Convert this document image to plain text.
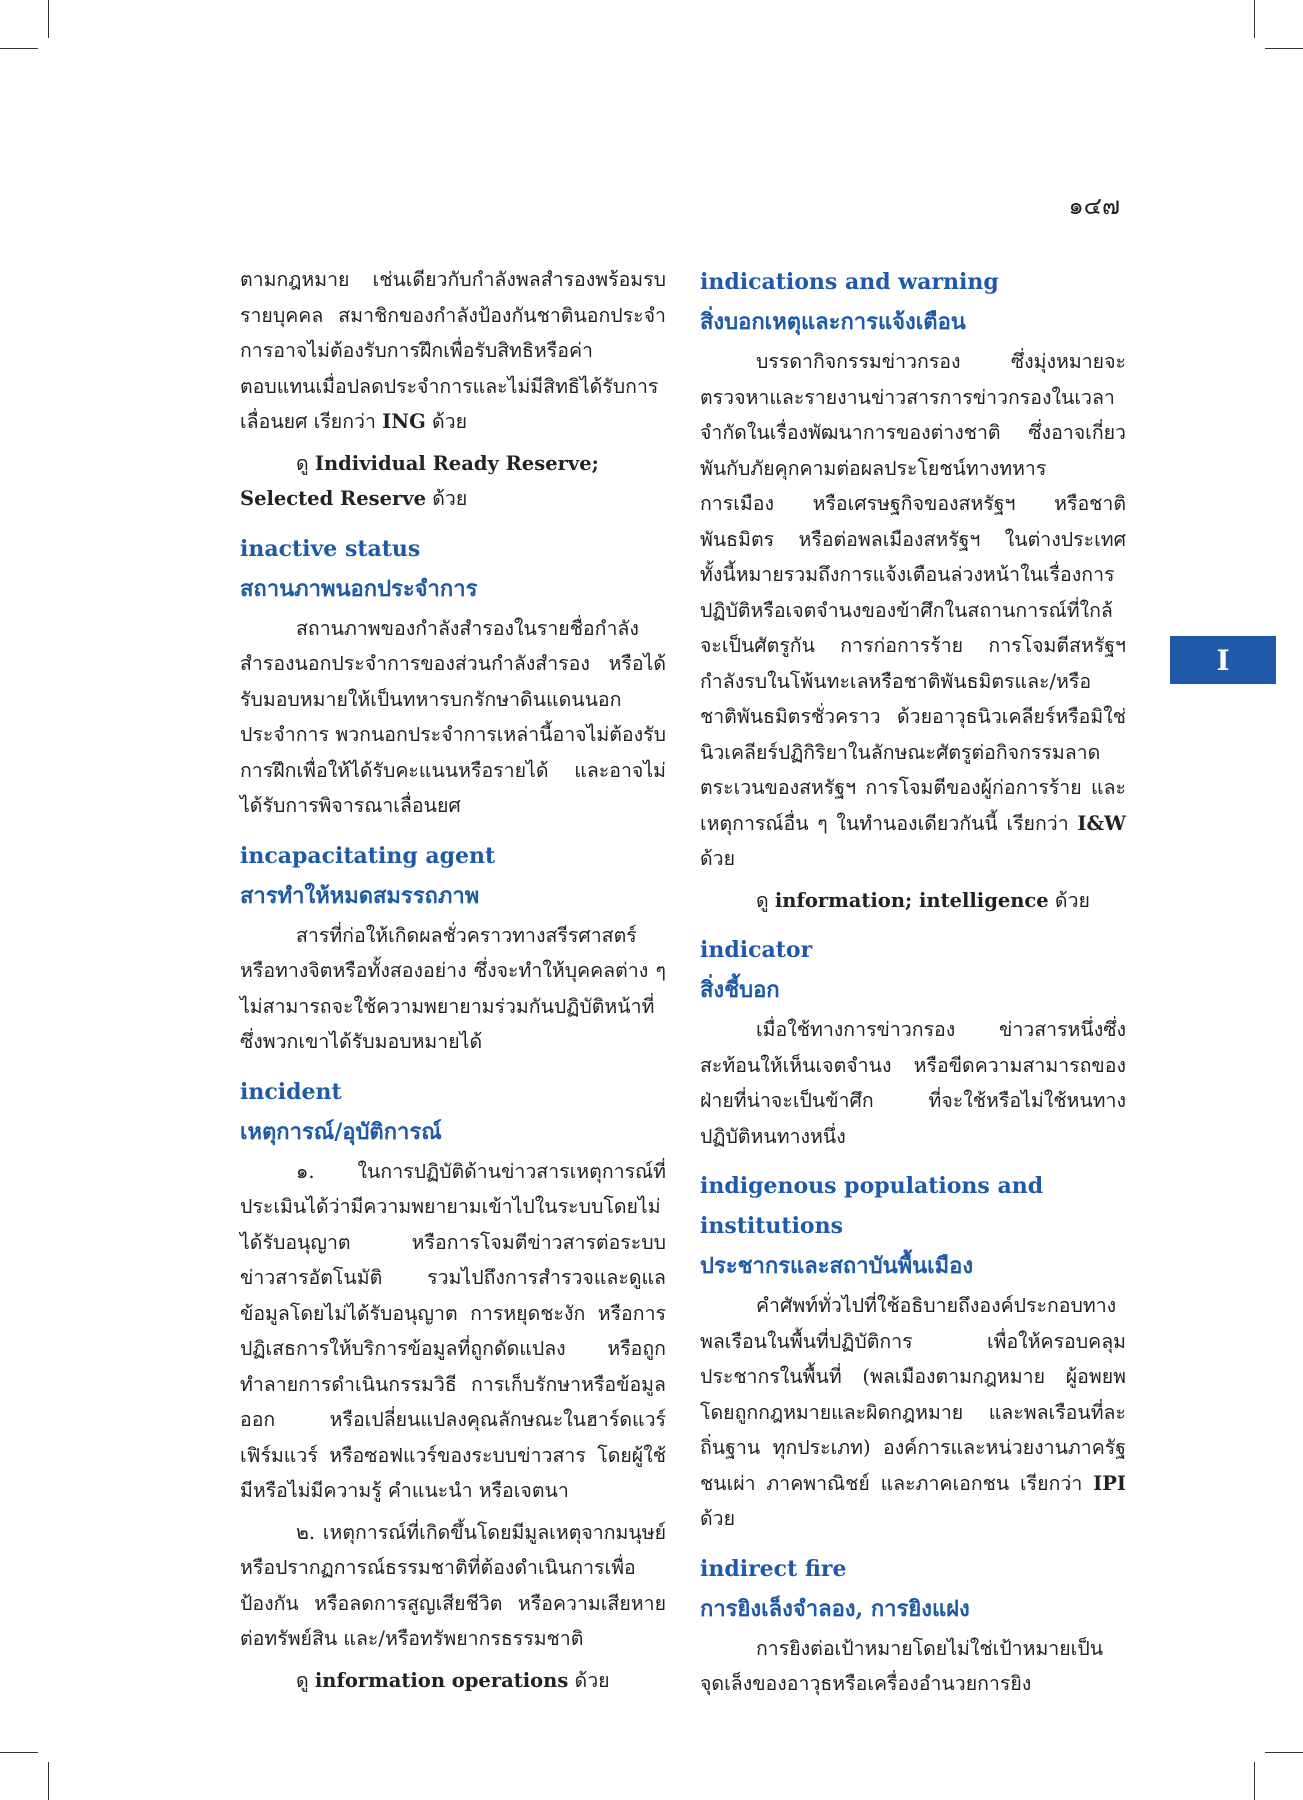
๑๔๗
I

ตามกฎหมาย เช่นเดียวกับกำลังพลสำรองพร้อมรบรายบุคคล สมาชิกของกำลังป้องกันชาตินอกประจำการอาจไม่ต้องรับการฝึกเพื่อรับสิทธิหรือค่าตอบแทนเมื่อปลดประจำการและไม่มีสิทธิได้รับการเลื่อนยศ เรียกว่า ING ด้วย

ดู Individual Ready Reserve; Selected Reserve ด้วย

inactive status

สถานภาพนอกประจำการ

สถานภาพของกำลังสำรองในรายชื่อกำลังสำรองนอกประจำการของส่วนกำลังสำรอง หรือได้รับมอบหมายให้เป็นทหารบกรักษาดินแดนนอกประจำการ พวกนอกประจำการเหล่านี้อาจไม่ต้องรับการฝึกเพื่อให้ได้รับคะแนนหรือรายได้ และอาจไม่ได้รับการพิจารณาเลื่อนยศ

incapacitating agent

สารทำให้หมดสมรรถภาพ

สารที่ก่อให้เกิดผลชั่วคราวทางสรีรศาสตร์หรือทางจิตหรือทั้งสองอย่าง ซึ่งจะทำให้บุคคลต่าง ๆ ไม่สามารถจะใช้ความพยายามร่วมกันปฏิบัติหน้าที่ ซึ่งพวกเขาได้รับมอบหมายได้

incident

เหตุการณ์/อุบัติการณ์

๑. ในการปฏิบัติด้านข่าวสารเหตุการณ์ที่ประเมินได้ว่ามีความพยายามเข้าไปในระบบโดยไม่ได้รับอนุญาต หรือการโจมตีข่าวสารต่อระบบข่าวสารอัตโนมัติ รวมไปถึงการสำรวจและดูแลข้อมูลโดยไม่ได้รับอนุญาต การหยุดชะงัก หรือการปฏิเสธการให้บริการข้อมูลที่ถูกดัดแปลง หรือถูกทำลายการดำเนินกรรมวิธี การเก็บรักษาหรือข้อมูลออก หรือเปลี่ยนแปลงคุณลักษณะในฮาร์ดแวร์ เฟิร์มแวร์ หรือซอฟแวร์ของระบบข่าวสาร โดยผู้ใช้มีหรือไม่มีความรู้ คำแนะนำ หรือเจตนา

๒. เหตุการณ์ที่เกิดขึ้นโดยมีมูลเหตุจากมนุษย์ หรือปรากฏการณ์ธรรมชาติที่ต้องดำเนินการเพื่อป้องกัน หรือลดการสูญเสียชีวิต หรือความเสียหายต่อทรัพย์สิน และ/หรือทรัพยากรธรรมชาติ

ดู information operations ด้วย

indications and warning

สิ่งบอกเหตุและการแจ้งเตือน

บรรดากิจกรรมข่าวกรอง ซึ่งมุ่งหมายจะตรวจหาและรายงานข่าวสารการข่าวกรองในเวลาจำกัดในเรื่องพัฒนาการของต่างชาติ ซึ่งอาจเกี่ยวพันกับภัยคุกคามต่อผลประโยชน์ทางทหาร การเมือง หรือเศรษฐกิจของสหรัฐฯ หรือชาติพันธมิตร หรือต่อพลเมืองสหรัฐฯ ในต่างประเทศ ทั้งนี้หมายรวมถึงการแจ้งเตือนล่วงหน้าในเรื่องการปฏิบัติหรือเจตจำนงของข้าศึกในสถานการณ์ที่ใกล้จะเป็นศัตรูกัน การก่อการร้าย การโจมตีสหรัฐฯ กำลังรบในโพ้นทะเลหรือชาติพันธมิตรและ/หรือชาติพันธมิตรชั่วคราว ด้วยอาวุธนิวเคลียร์หรือมิใช่นิวเคลียร์ปฏิกิริยาในลักษณะศัตรูต่อกิจกรรมลาดตระเวนของสหรัฐฯ การโจมตีของผู้ก่อการร้าย และเหตุการณ์อื่น ๆ ในทำนองเดียวกันนี้ เรียกว่า I&W ด้วย

ดู information; intelligence ด้วย

indicator

สิ่งชี้บอก

เมื่อใช้ทางการข่าวกรอง ข่าวสารหนึ่งซึ่งสะท้อนให้เห็นเจตจำนง หรือขีดความสามารถของฝ่ายที่น่าจะเป็นข้าศึก ที่จะใช้หรือไม่ใช้หนทางปฏิบัติหนทางหนึ่ง

indigenous populations and institutions

ประชากรและสถาบันพื้นเมือง

คำศัพท์ทั่วไปที่ใช้อธิบายถึงองค์ประกอบทางพลเรือนในพื้นที่ปฏิบัติการ เพื่อให้ครอบคลุมประชากรในพื้นที่ (พลเมืองตามกฎหมาย ผู้อพยพโดยถูกกฎหมายและผิดกฎหมาย และพลเรือนที่ละถิ่นฐาน ทุกประเภท) องค์การและหน่วยงานภาครัฐ ชนเผ่า ภาคพาณิชย์ และภาคเอกชน เรียกว่า IPI ด้วย

indirect fire

การยิงเล็งจำลอง, การยิงแฝง

การยิงต่อเป้าหมายโดยไม่ใช่เป้าหมายเป็นจุดเล็งของอาวุธหรือเครื่องอำนวยการยิง
